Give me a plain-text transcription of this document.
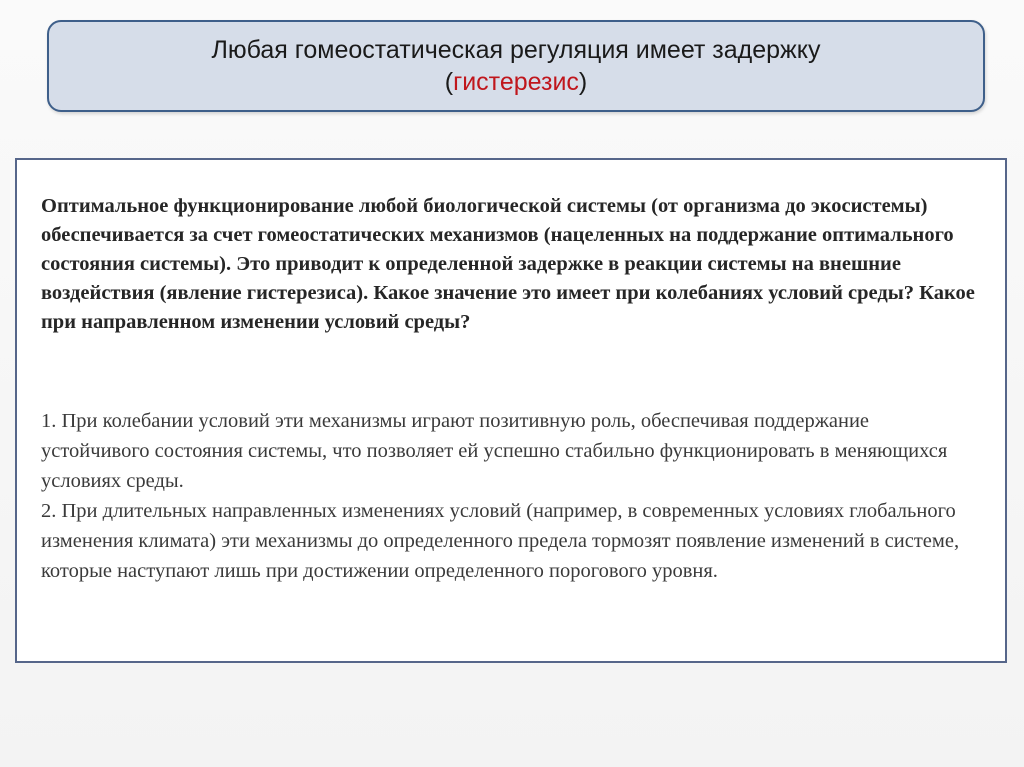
Любая гомеостатическая регуляция имеет задержку
(гистерезис)
Оптимальное функционирование любой биологической системы (от организма до экосистемы) обеспечивается за счет гомеостатических механизмов (нацеленных на поддержание оптимального состояния системы). Это приводит к определенной задержке в реакции системы на внешние воздействия (явление гистерезиса). Какое значение это имеет при колебаниях условий среды? Какое при направленном изменении условий среды?

1. При колебании условий эти механизмы играют позитивную роль, обеспечивая поддержание устойчивого состояния системы, что позволяет ей успешно стабильно функционировать в меняющихся условиях среды.

2. При длительных направленных изменениях условий (например, в современных условиях глобального изменения климата) эти механизмы до определенного предела тормозят появление изменений в системе, которые наступают лишь при достижении определенного порогового уровня.
